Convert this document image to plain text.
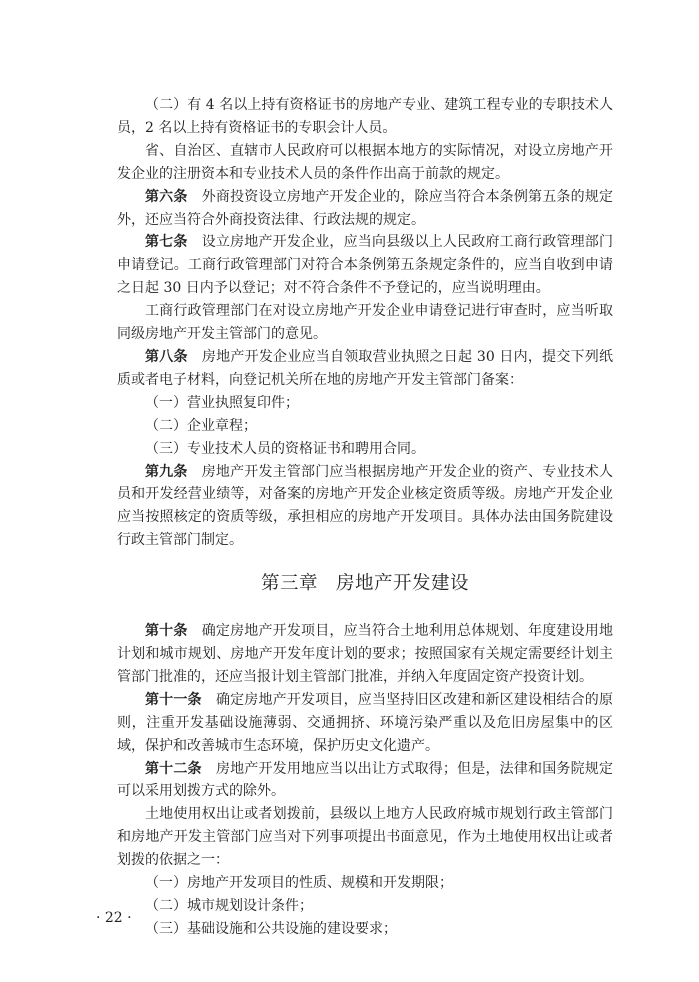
（二）有 4 名以上持有资格证书的房地产专业、建筑工程专业的专职技术人员，2 名以上持有资格证书的专职会计人员。

省、自治区、直辖市人民政府可以根据本地方的实际情况，对设立房地产开发企业的注册资本和专业技术人员的条件作出高于前款的规定。

第六条  外商投资设立房地产开发企业的，除应当符合本条例第五条的规定外，还应当符合外商投资法律、行政法规的规定。

第七条  设立房地产开发企业，应当向县级以上人民政府工商行政管理部门申请登记。工商行政管理部门对符合本条例第五条规定条件的，应当自收到申请之日起 30 日内予以登记；对不符合条件不予登记的，应当说明理由。

工商行政管理部门在对设立房地产开发企业申请登记进行审查时，应当听取同级房地产开发主管部门的意见。

第八条  房地产开发企业应当自领取营业执照之日起 30 日内，提交下列纸质或者电子材料，向登记机关所在地的房地产开发主管部门备案：

（一）营业执照复印件；

（二）企业章程；

（三）专业技术人员的资格证书和聘用合同。

第九条  房地产开发主管部门应当根据房地产开发企业的资产、专业技术人员和开发经营业绩等，对备案的房地产开发企业核定资质等级。房地产开发企业应当按照核定的资质等级，承担相应的房地产开发项目。具体办法由国务院建设行政主管部门制定。

第三章 房地产开发建设

第十条  确定房地产开发项目，应当符合土地利用总体规划、年度建设用地计划和城市规划、房地产开发年度计划的要求；按照国家有关规定需要经计划主管部门批准的，还应当报计划主管部门批准，并纳入年度固定资产投资计划。

第十一条  确定房地产开发项目，应当坚持旧区改建和新区建设相结合的原则，注重开发基础设施薄弱、交通拥挤、环境污染严重以及危旧房屋集中的区域，保护和改善城市生态环境，保护历史文化遗产。

第十二条  房地产开发用地应当以出让方式取得；但是，法律和国务院规定可以采用划拨方式的除外。

土地使用权出让或者划拨前，县级以上地方人民政府城市规划行政主管部门和房地产开发主管部门应当对下列事项提出书面意见，作为土地使用权出让或者划拨的依据之一：

（一）房地产开发项目的性质、规模和开发期限；

（二）城市规划设计条件；

（三）基础设施和公共设施的建设要求；

· 22 ·
